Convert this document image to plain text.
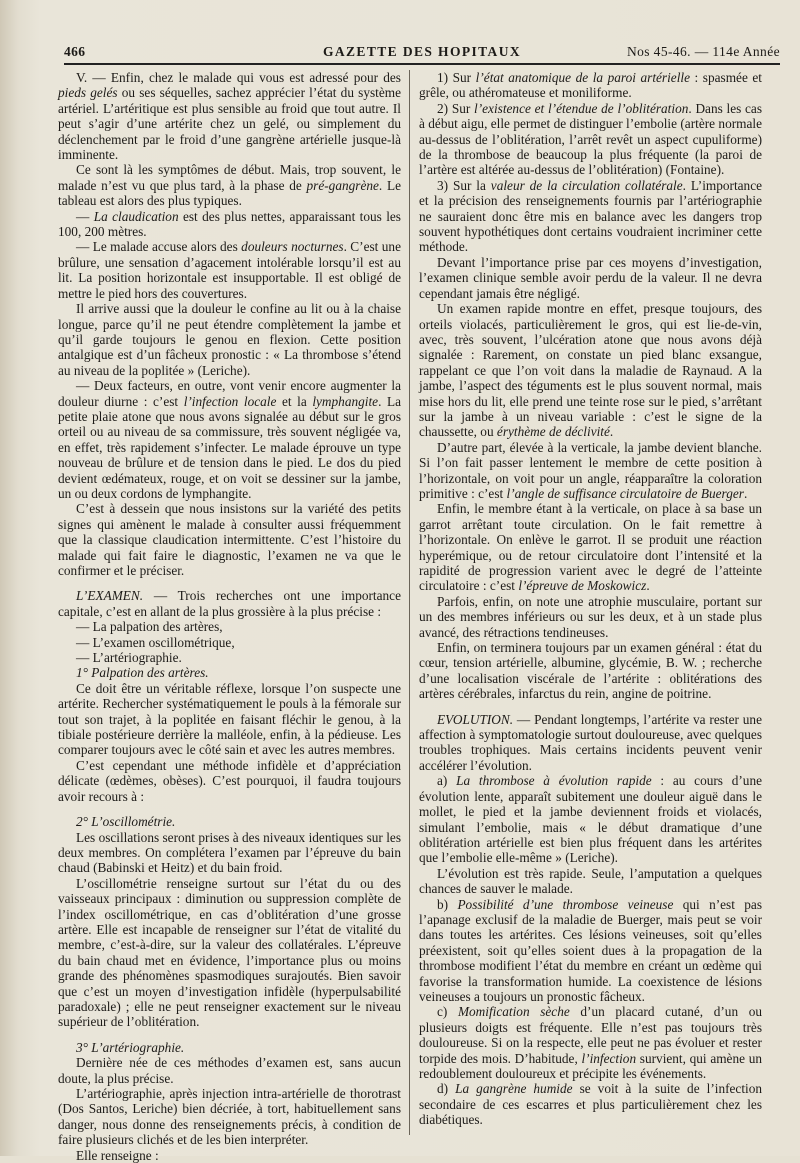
466	GAZETTE DES HOPITAUX	Nos 45-46. — 114e Année

V. — Enfin, chez le malade qui vous est adressé pour des pieds gelés ou ses séquelles, sachez apprécier l’état du système artériel. L’artéritique est plus sensible au froid que tout autre. Il peut s’agir d’une artérite chez un gelé, ou simplement du déclenchement par le froid d’une gangrène artérielle jusque-là imminente.

Ce sont là les symptômes de début. Mais, trop souvent, le malade n’est vu que plus tard, à la phase de pré-gangrène. Le tableau est alors des plus typiques.

— La claudication est des plus nettes, apparaissant tous les 100, 200 mètres.

— Le malade accuse alors des douleurs nocturnes. C’est une brûlure, une sensation d’agacement intolérable lorsqu’il est au lit. La position horizontale est insupportable. Il est obligé de mettre le pied hors des couvertures.

Il arrive aussi que la douleur le confine au lit ou à la chaise longue, parce qu’il ne peut étendre complètement la jambe et qu’il garde toujours le genou en flexion. Cette position antalgique est d’un fâcheux pronostic : « La thrombose s’étend au niveau de la poplitée » (Leriche).

— Deux facteurs, en outre, vont venir encore augmenter la douleur diurne : c’est l’infection locale et la lymphangite. La petite plaie atone que nous avons signalée au début sur le gros orteil ou au niveau de sa commissure, très souvent négligée va, en effet, très rapidement s’infecter. Le malade éprouve un type nouveau de brûlure et de tension dans le pied. Le dos du pied devient œdémateux, rouge, et on voit se dessiner sur la jambe, un ou deux cordons de lymphangite.

C’est à dessein que nous insistons sur la variété des petits signes qui amènent le malade à consulter aussi fréquemment que la classique claudication intermittente. C’est l’histoire du malade qui fait faire le diagnostic, l’examen ne va que le confirmer et le préciser.

L’EXAMEN. — Trois recherches ont une importance capitale, c’est en allant de la plus grossière à la plus précise :

— La palpation des artères,

— L’examen oscillométrique,

— L’artériographie.

1° Palpation des artères.

Ce doit être un véritable réflexe, lorsque l’on suspecte une artérite. Rechercher systématiquement le pouls à la fémorale sur tout son trajet, à la poplitée en faisant fléchir le genou, à la tibiale postérieure derrière la malléole, enfin, à la pédieuse. Les comparer toujours avec le côté sain et avec les autres membres.

C’est cependant une méthode infidèle et d’appréciation délicate (œdèmes, obèses). C’est pourquoi, il faudra toujours avoir recours à :

2° L’oscillométrie.

Les oscillations seront prises à des niveaux identiques sur les deux membres. On complétera l’examen par l’épreuve du bain chaud (Babinski et Heitz) et du bain froid.

L’oscillométrie renseigne surtout sur l’état du ou des vaisseaux principaux : diminution ou suppression complète de l’index oscillométrique, en cas d’oblitération d’une grosse artère. Elle est incapable de renseigner sur l’état de vitalité du membre, c’est-à-dire, sur la valeur des collatérales. L’épreuve du bain chaud met en évidence, l’importance plus ou moins grande des phénomènes spasmodiques surajoutés. Bien savoir que c’est un moyen d’investigation infidèle (hyperpulsabilité paradoxale) ; elle ne peut renseigner exactement sur le niveau supérieur de l’oblitération.

3° L’artériographie.

Dernière née de ces méthodes d’examen est, sans aucun doute, la plus précise.

L’artériographie, après injection intra-artérielle de thorotrast (Dos Santos, Leriche) bien décriée, à tort, habituellement sans danger, nous donne des renseignements précis, à condition de faire plusieurs clichés et de les bien interpréter.

Elle renseigne :

1) Sur l’état anatomique de la paroi artérielle : spasmée et grêle, ou athéromateuse et moniliforme.

2) Sur l’existence et l’étendue de l’oblitération. Dans les cas à début aigu, elle permet de distinguer l’embolie (artère normale au-dessus de l’oblitération, l’arrêt revêt un aspect cupuliforme) de la thrombose de beaucoup la plus fréquente (la paroi de l’artère est altérée au-dessus de l’oblitération) (Fontaine).

3) Sur la valeur de la circulation collatérale. L’importance et la précision des renseignements fournis par l’artériographie ne sauraient donc être mis en balance avec les dangers trop souvent hypothétiques dont certains voudraient incriminer cette méthode.

Devant l’importance prise par ces moyens d’investigation, l’examen clinique semble avoir perdu de la valeur. Il ne devra cependant jamais être négligé.

Un examen rapide montre en effet, presque toujours, des orteils violacés, particulièrement le gros, qui est lie-de-vin, avec, très souvent, l’ulcération atone que nous avons déjà signalée : Rarement, on constate un pied blanc exsangue, rappelant ce que l’on voit dans la maladie de Raynaud. A la jambe, l’aspect des téguments est le plus souvent normal, mais mise hors du lit, elle prend une teinte rose sur le pied, s’arrêtant sur la jambe à un niveau variable : c’est le signe de la chaussette, ou érythème de déclivité.

D’autre part, élevée à la verticale, la jambe devient blanche. Si l’on fait passer lentement le membre de cette position à l’horizontale, on voit pour un angle, réapparaître la coloration primitive : c’est l’angle de suffisance circulatoire de Buerger.

Enfin, le membre étant à la verticale, on place à sa base un garrot arrêtant toute circulation. On le fait remettre à l’horizontale. On enlève le garrot. Il se produit une réaction hyperémique, ou de retour circulatoire dont l’intensité et la rapidité de progression varient avec le degré de l’atteinte circulatoire : c’est l’épreuve de Moskowicz.

Parfois, enfin, on note une atrophie musculaire, portant sur un des membres inférieurs ou sur les deux, et à un stade plus avancé, des rétractions tendineuses.

Enfin, on terminera toujours par un examen général : état du cœur, tension artérielle, albumine, glycémie, B. W. ; recherche d’une localisation viscérale de l’artérite : oblitérations des artères cérébrales, infarctus du rein, angine de poitrine.

EVOLUTION. — Pendant longtemps, l’artérite va rester une affection à symptomatologie surtout douloureuse, avec quelques troubles trophiques. Mais certains incidents peuvent venir accélérer l’évolution.

a) La thrombose à évolution rapide : au cours d’une évolution lente, apparaît subitement une douleur aiguë dans le mollet, le pied et la jambe deviennent froids et violacés, simulant l’embolie, mais « le début dramatique d’une oblitération artérielle est bien plus fréquent dans les artérites que l’embolie elle-même » (Leriche).

L’évolution est très rapide. Seule, l’amputation a quelques chances de sauver le malade.

b) Possibilité d’une thrombose veineuse qui n’est pas l’apanage exclusif de la maladie de Buerger, mais peut se voir dans toutes les artérites. Ces lésions veineuses, soit qu’elles préexistent, soit qu’elles soient dues à la propagation de la thrombose modifient l’état du membre en créant un œdème qui favorise la transformation humide. La coexistence de lésions veineuses a toujours un pronostic fâcheux.

c) Momification sèche d’un placard cutané, d’un ou plusieurs doigts est fréquente. Elle n’est pas toujours très douloureuse. Si on la respecte, elle peut ne pas évoluer et rester torpide des mois. D’habitude, l’infection survient, qui amène un redoublement douloureux et précipite les événements.

d) La gangrène humide se voit à la suite de l’infection secondaire de ces escarres et plus particulièrement chez les diabétiques.
